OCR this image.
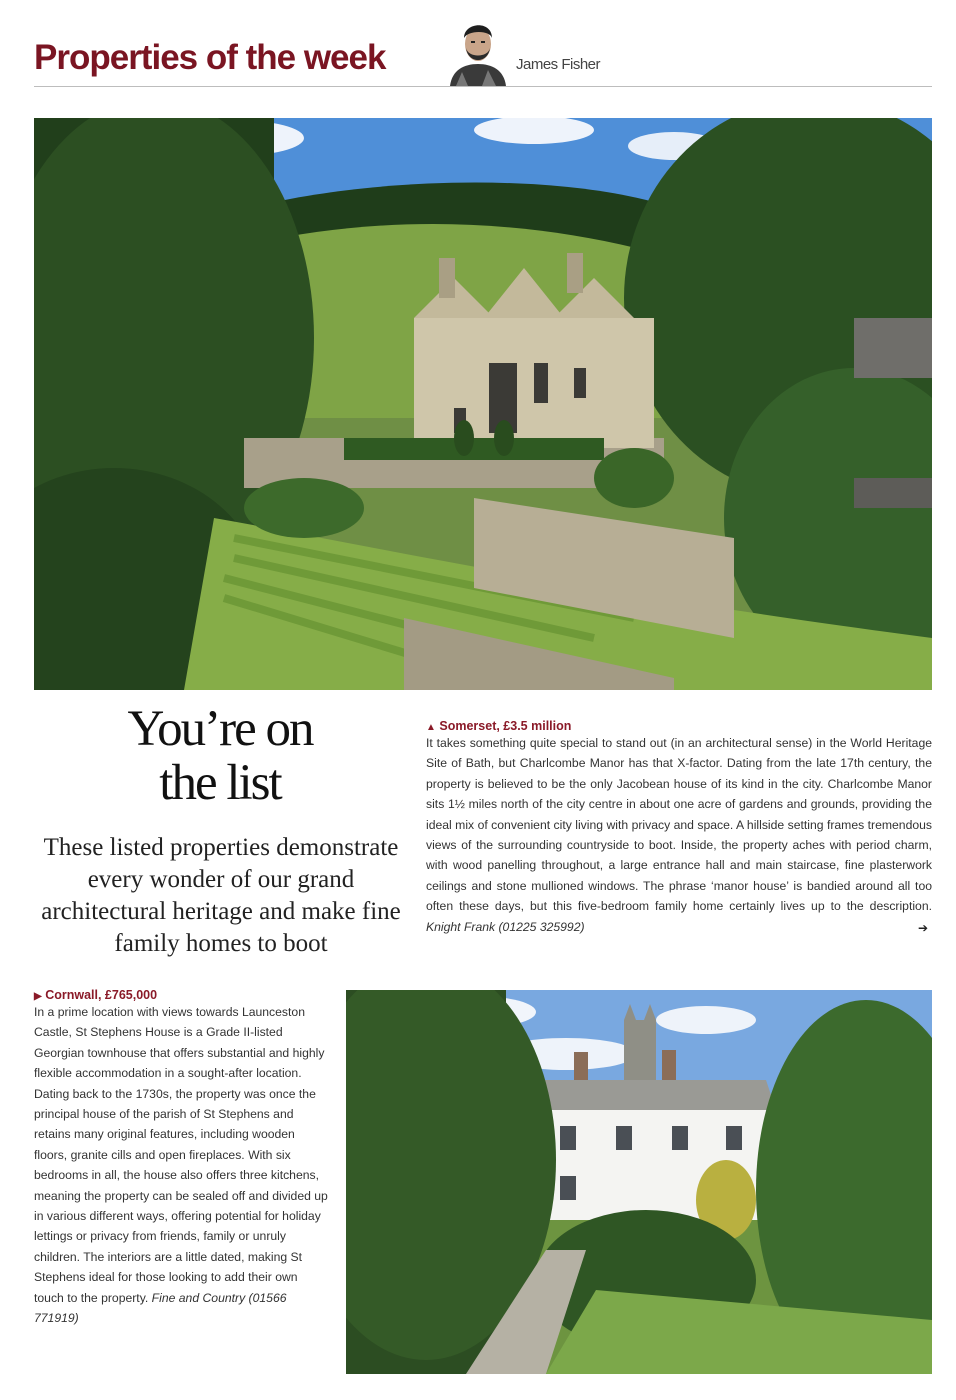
Properties of the week	James Fisher
You’re on
the list
These listed properties demonstrate every wonder of our grand architectural heritage and make fine family homes to boot
▲ Somerset, £3.5 million
It takes something quite special to stand out (in an architectural sense) in the World Heritage Site of Bath, but Charlcombe Manor has that X-factor. Dating from the late 17th century, the property is believed to be the only Jacobean house of its kind in the city. Charlcombe Manor sits 1½ miles north of the city centre in about one acre of gardens and grounds, providing the ideal mix of convenient city living with privacy and space. A hillside setting frames tremendous views of the surrounding countryside to boot. Inside, the property aches with period charm, with wood panelling throughout, a large entrance hall and main staircase, fine plasterwork ceilings and stone mullioned windows. The phrase ‘manor house’ is bandied around all too often these days, but this five-bedroom family home certainly lives up to the description. Knight Frank (01225 325992)	➔
▶ Cornwall, £765,000
In a prime location with views towards Launceston Castle, St Stephens House is a Grade II-listed Georgian townhouse that offers substantial and highly flexible accommodation in a sought-after location. Dating back to the 1730s, the property was once the principal house of the parish of St Stephens and retains many original features, including wooden floors, granite cills and open fireplaces. With six bedrooms in all, the house also offers three kitchens, meaning the property can be sealed off and divided up in various different ways, offering potential for holiday lettings or privacy from friends, family or unruly children. The interiors are a little dated, making St Stephens ideal for those looking to add their own touch to the property. Fine and Country (01566 771919)
